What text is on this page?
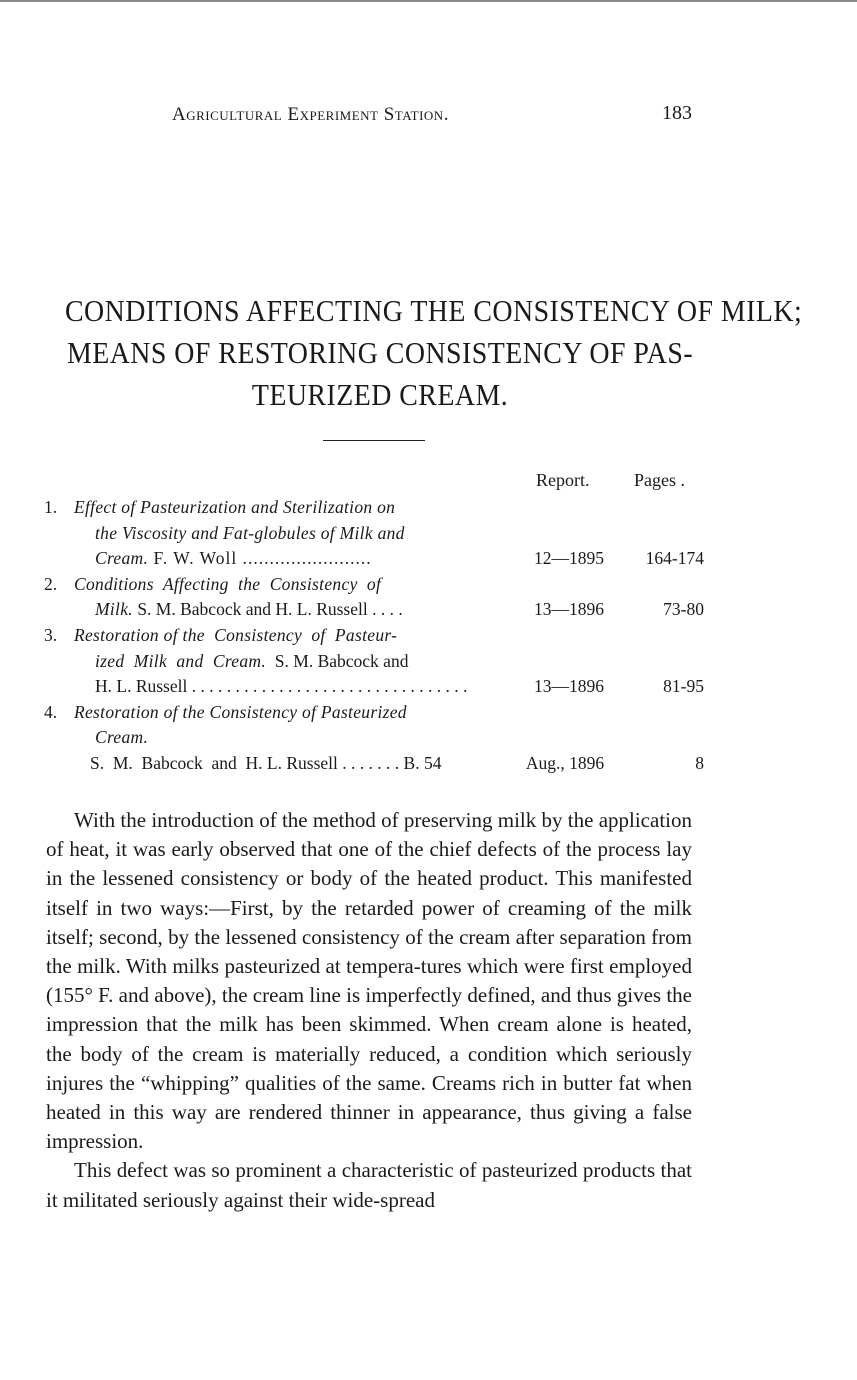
Agricultural Experiment Station.	183
CONDITIONS AFFECTING THE CONSISTENCY OF MILK;
MEANS OF RESTORING CONSISTENCY OF PAS-
TEURIZED CREAM.
Report. Pages .
1. Effect of Pasteurization and Sterilization on
the Viscosity and Fat-globules of Milk and
Cream. F. W. Woll ........................	12—1895	164-174
2. Conditions  Affecting  the  Consistency  of
Milk. S. M. Babcock and H. L. Russell . . . .	13—1896	73-80
3. Restoration of the  Consistency  of  Pasteur-
ized  Milk  and  Cream.  S. M. Babcock and
H. L. Russell . . . . . . . . . . . . . . . . . . . . . . . . . . . . . . . .	13—1896	81-95
4. Restoration of the Consistency of Pasteurized
Cream.
S.  M.  Babcock  and  H. L. Russell . . . . . . . B. 54	Aug., 1896	8

With the introduction of the method of preserving milk by the application of heat, it was early observed that one of the chief defects of the process lay in the lessened consistency or body of the heated product. This manifested itself in two ways:—First, by the retarded power of creaming of the milk itself; second, by the lessened consistency of the cream after separation from the milk. With milks pasteurized at tempera-tures which were first employed (155° F. and above), the cream line is imperfectly defined, and thus gives the impression that the milk has been skimmed. When cream alone is heated, the body of the cream is materially reduced, a condition which seriously injures the “whipping” qualities of the same. Creams rich in butter fat when heated in this way are rendered thinner in appearance, thus giving a false impression.

This defect was so prominent a characteristic of pasteurized products that it militated seriously against their wide-spread
